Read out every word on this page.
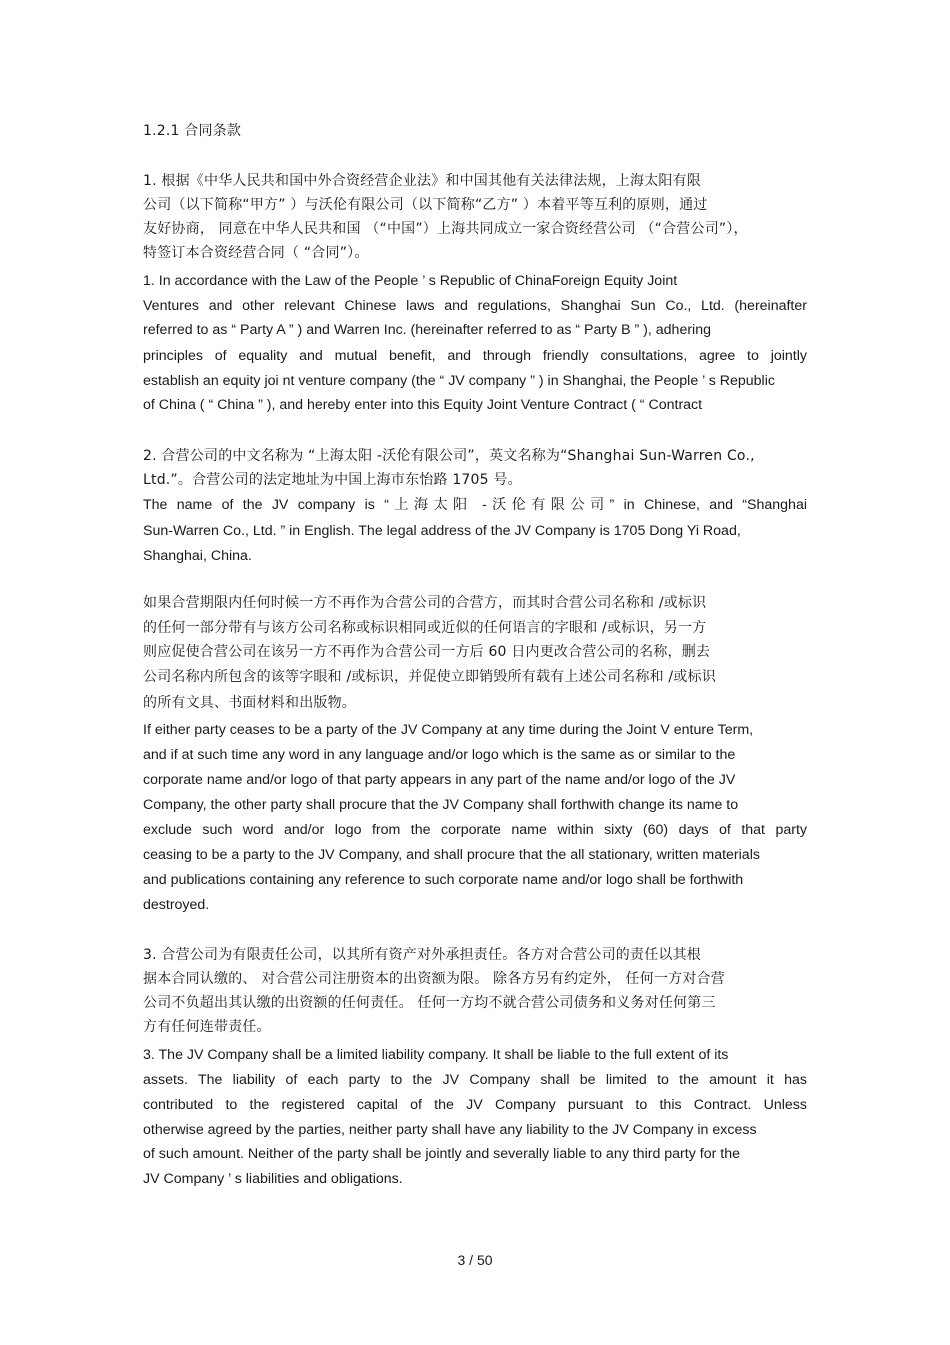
1.2.1 合同条款
1. 根据《中华人民共和国中外合资经营企业法》和中国其他有关法律法规，上海太阳有限
公司（以下简称“甲方” ）与沃伦有限公司（以下简称“乙方” ）本着平等互利的原则，通过
友好协商， 同意在中华人民共和国 （“中国”）上海共同成立一家合资经营公司 （“合营公司”），
特签订本合资经营合同（ “合同”）。
1. In accordance with the Law of the People ’ s Republic of ChinaForeign Equity Joint
Ventures and other relevant Chinese laws and regulations, Shanghai Sun Co., Ltd. (hereinafter
referred to as “ Party A ” ) and Warren Inc. (hereinafter referred to as “ Party B ” ), adhering
principles of equality and mutual benefit, and through friendly consultations, agree to jointly
establish an equity joi nt venture company (the “ JV company ” ) in Shanghai, the People ’ s Republic
of China ( “ China ” ), and hereby enter into this Equity Joint Venture Contract ( “ Contract
2. 合营公司的中文名称为 “上海太阳 -沃伦有限公司”，英文名称为“Shanghai Sun-Warren Co.,
Ltd.”。合营公司的法定地址为中国上海市东怡路 1705 号。
The name of the JV company is “上海太阳 -沃伦有限公司” in Chinese, and “Shanghai
Sun-Warren Co., Ltd. ” in English. The legal address of the JV Company is 1705 Dong Yi Road,
Shanghai, China.
如果合营期限内任何时候一方不再作为合营公司的合营方，而其时合营公司名称和 /或标识
的任何一部分带有与该方公司名称或标识相同或近似的任何语言的字眼和 /或标识，另一方
则应促使合营公司在该另一方不再作为合营公司一方后 60 日内更改合营公司的名称，删去
公司名称内所包含的该等字眼和 /或标识，并促使立即销毁所有载有上述公司名称和 /或标识
的所有文具、书面材料和出版物。
If either party ceases to be a party of the JV Company at any time during the Joint V enture Term,
and if at such time any word in any language and/or logo which is the same as or similar to the
corporate name and/or logo of that party appears in any part of the name and/or logo of the JV
Company, the other party shall procure that the JV Company shall forthwith change its name to
exclude such word and/or logo from the corporate name within sixty (60) days of that party
ceasing to be a party to the JV Company, and shall procure that the all stationary, written materials
and publications containing any reference to such corporate name and/or logo shall be forthwith
destroyed.
3. 合营公司为有限责任公司，以其所有资产对外承担责任。各方对合营公司的责任以其根
据本合同认缴的、 对合营公司注册资本的出资额为限。 除各方另有约定外， 任何一方对合营
公司不负超出其认缴的出资额的任何责任。 任何一方均不就合营公司债务和义务对任何第三
方有任何连带责任。
3. The JV Company shall be a limited liability company. It shall be liable to the full extent of its
assets. The liability of each party to the JV Company shall be limited to the amount it has
contributed to the registered capital of the JV Company pursuant to this Contract. Unless
otherwise agreed by the parties, neither party shall have any liability to the JV Company in excess
of such amount. Neither of the party shall be jointly and severally liable to any third party for the
JV Company ’ s liabilities and obligations.
3 / 50
